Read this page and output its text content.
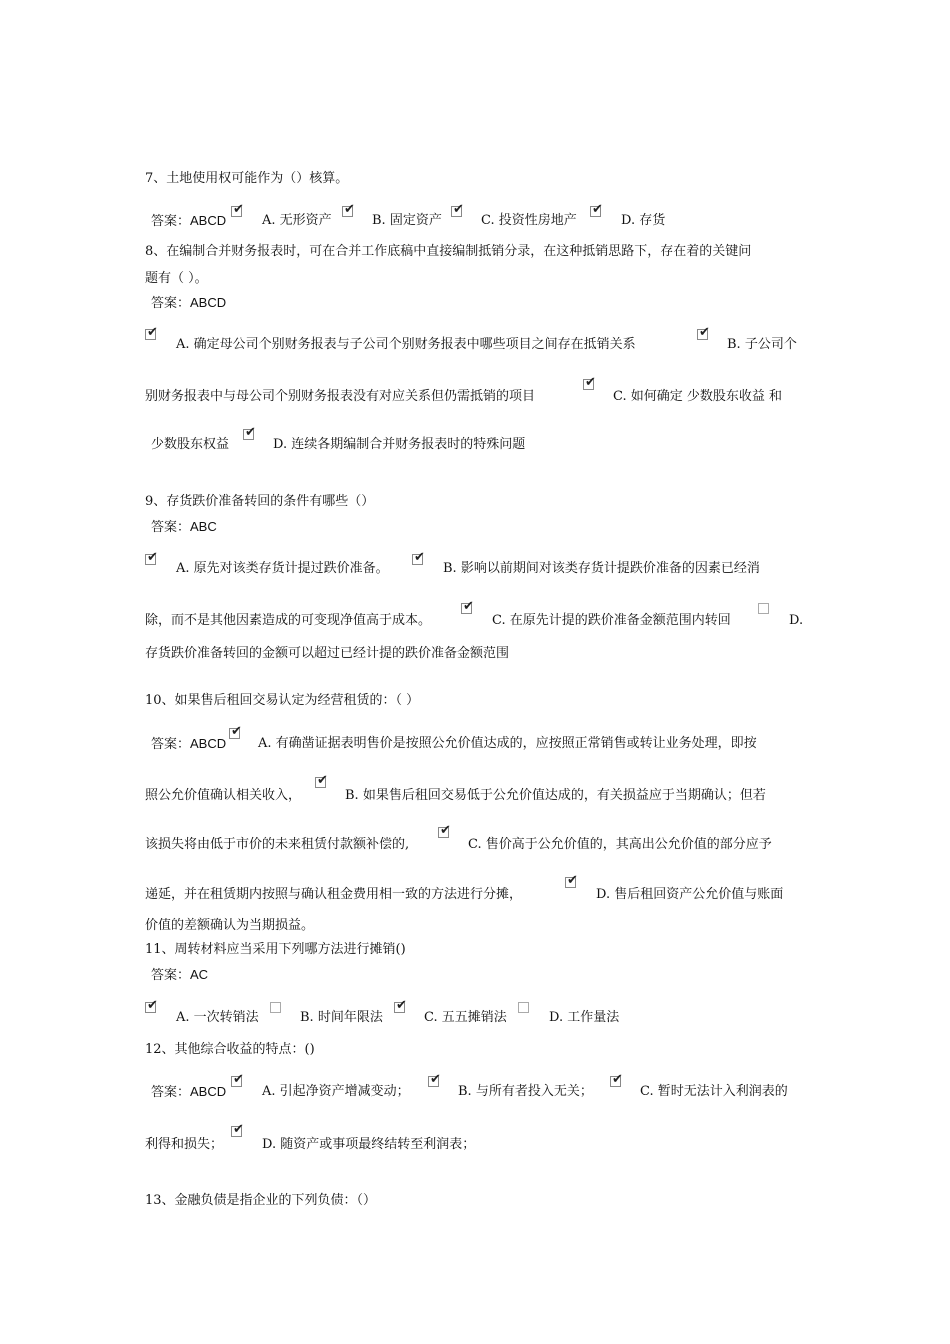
7、土地使用权可能作为（）核算。
答案：ABCD
✔
A. 无形资产
✔
B. 固定资产
✔
C. 投资性房地产
✔
D. 存货
8、在编制合并财务报表时，可在合并工作底稿中直接编制抵销分录，在这种抵销思路下，存在着的关键问
题有（ ）。
答案：ABCD
✔
A. 确定母公司个别财务报表与子公司个别财务报表中哪些项目之间存在抵销关系
✔
B. 子公司个
别财务报表中与母公司个别财务报表没有对应关系但仍需抵销的项目
✔
C. 如何确定 少数股东收益 和
少数股东权益
✔
D. 连续各期编制合并财务报表时的特殊问题
9、存货跌价准备转回的条件有哪些（）
答案：ABC
✔
A. 原先对该类存货计提过跌价准备。
✔
B. 影响以前期间对该类存货计提跌价准备的因素已经消
除，而不是其他因素造成的可变现净值高于成本。
✔
C. 在原先计提的跌价准备金额范围内转回	D.
存货跌价准备转回的金额可以超过已经计提的跌价准备金额范围
10、如果售后租回交易认定为经营租赁的：（ ）
答案：ABCD
✔
A. 有确凿证据表明售价是按照公允价值达成的，应按照正常销售或转让业务处理，即按
照公允价值确认相关收入，
✔
B. 如果售后租回交易低于公允价值达成的，有关损益应于当期确认；但若
该损失将由低于市价的未来租赁付款额补偿的,
✔
C. 售价高于公允价值的，其高出公允价值的部分应予
递延，并在租赁期内按照与确认租金费用相一致的方法进行分摊，
✔
D. 售后租回资产公允价值与账面
价值的差额确认为当期损益。
11、周转材料应当采用下列哪方法进行摊销()
答案：AC
✔
A. 一次转销法	B. 时间年限法
✔
C. 五五摊销法	D. 工作量法
12、其他综合收益的特点：()
答案：ABCD
✔
A. 引起净资产增减变动；
✔
B. 与所有者投入无关；
✔
C. 暂时无法计入利润表的
利得和损失；
✔
D. 随资产或事项最终结转至利润表；
13、金融负债是指企业的下列负债：（）
